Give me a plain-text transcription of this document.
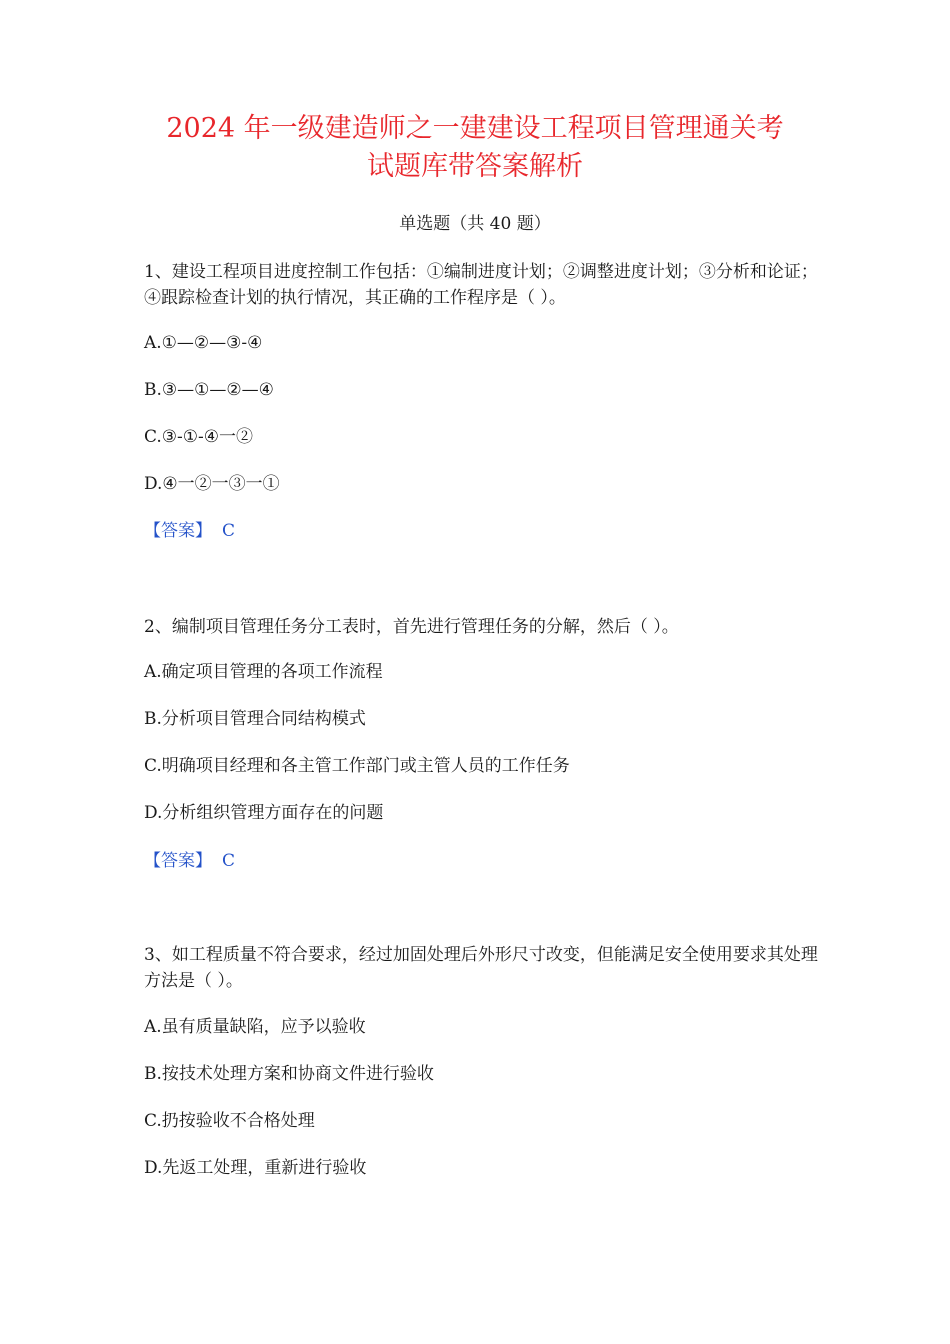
2024 年一级建造师之一建建设工程项目管理通关考
试题库带答案解析
单选题（共 40 题）
1、建设工程项目进度控制工作包括：①编制进度计划；②调整进度计划；③分析和论证； ④跟踪检查计划的执行情况，其正确的工作程序是（ ）。
A.①—②—③-④
B.③—①—②—④
C.③-①-④一②
D.④一②一③一①
【答案】 C
2、编制项目管理任务分工表时，首先进行管理任务的分解，然后（ ）。
A.确定项目管理的各项工作流程
B.分析项目管理合同结构模式
C.明确项目经理和各主管工作部门或主管人员的工作任务
D.分析组织管理方面存在的问题
【答案】 C
3、如工程质量不符合要求，经过加固处理后外形尺寸改变，但能满足安全使用要求其处理方法是（ ）。
A.虽有质量缺陷，应予以验收
B.按技术处理方案和协商文件进行验收
C.扔按验收不合格处理
D.先返工处理，重新进行验收
